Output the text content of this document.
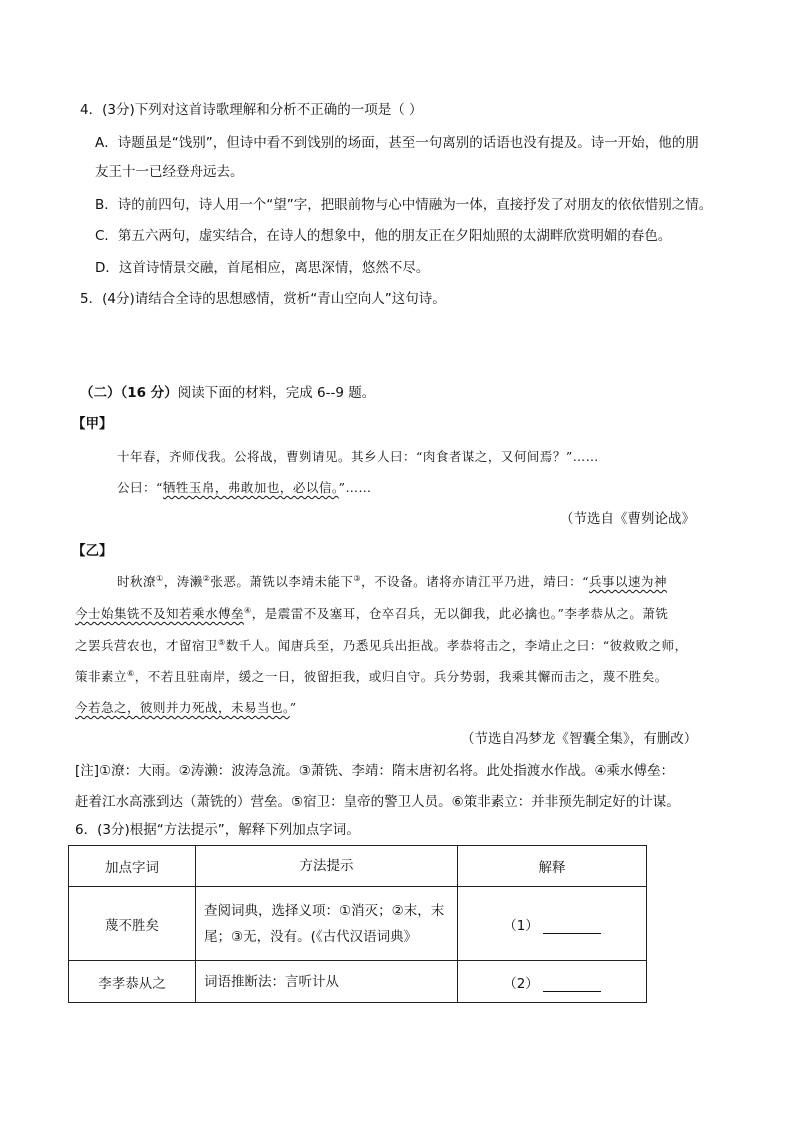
4．(3分)下列对这首诗歌理解和分析不正确的一项是（ ）
A．诗题虽是“饯别”，但诗中看不到饯别的场面，甚至一句离别的话语也没有提及。诗一开始，他的朋
友王十一已经登舟远去。
B．诗的前四句，诗人用一个“望”字，把眼前物与心中情融为一体，直接抒发了对朋友的依依惜别之情。
C．第五六两句，虚实结合，在诗人的想象中，他的朋友正在夕阳灿照的太湖畔欣赏明媚的春色。
D．这首诗情景交融，首尾相应，离思深情，悠然不尽。
5．(4分)请结合全诗的思想感情，赏析“青山空向人”这句诗。
（二）（16 分）阅读下面的材料，完成 6--9 题。
【甲】
十年春，齐师伐我。公将战，曹刿请见。其乡人曰：“肉食者谋之，又何间焉？”……
公曰：“牺牲玉帛，弗敢加也，必以信。”……
（节选自《曹刿论战》
【乙】
时秋潦①，涛濑②张恶。萧铣以李靖未能下③，不设备。诸将亦请江平乃进，靖曰：“兵事以速为神
今士始集铣不及知若乘水傅垒④，是震雷不及塞耳，仓卒召兵，无以御我，此必擒也。”李孝恭从之。萧铣
之罢兵营农也，才留宿卫⑤数千人。闻唐兵至，乃悉见兵出拒战。孝恭将击之，李靖止之曰：“彼救败之师，
策非素立⑥，不若且驻南岸，缓之一日，彼留拒我，或归自守。兵分势弱，我乘其懈而击之，蔑不胜矣。
今若急之，彼则并力死战，未易当也。”
（节选自冯梦龙《智囊全集》，有删改）
[注]①潦：大雨。②涛濑：波涛急流。③萧铣、李靖：隋末唐初名将。此处指渡水作战。④乘水傅垒：
赶着江水高涨到达（萧铣的）营垒。⑤宿卫：皇帝的警卫人员。⑥策非素立：并非预先制定好的计谋。
6．(3分)根据“方法提示”，解释下列加点字词。
加点字词	方法提示	解释
蔑不胜矣	查阅词典，选择义项：①消灭；②末，末尾；③无，没有。(《古代汉语词典》	（1）
李孝恭从之	词语推断法：言听计从	（2）
